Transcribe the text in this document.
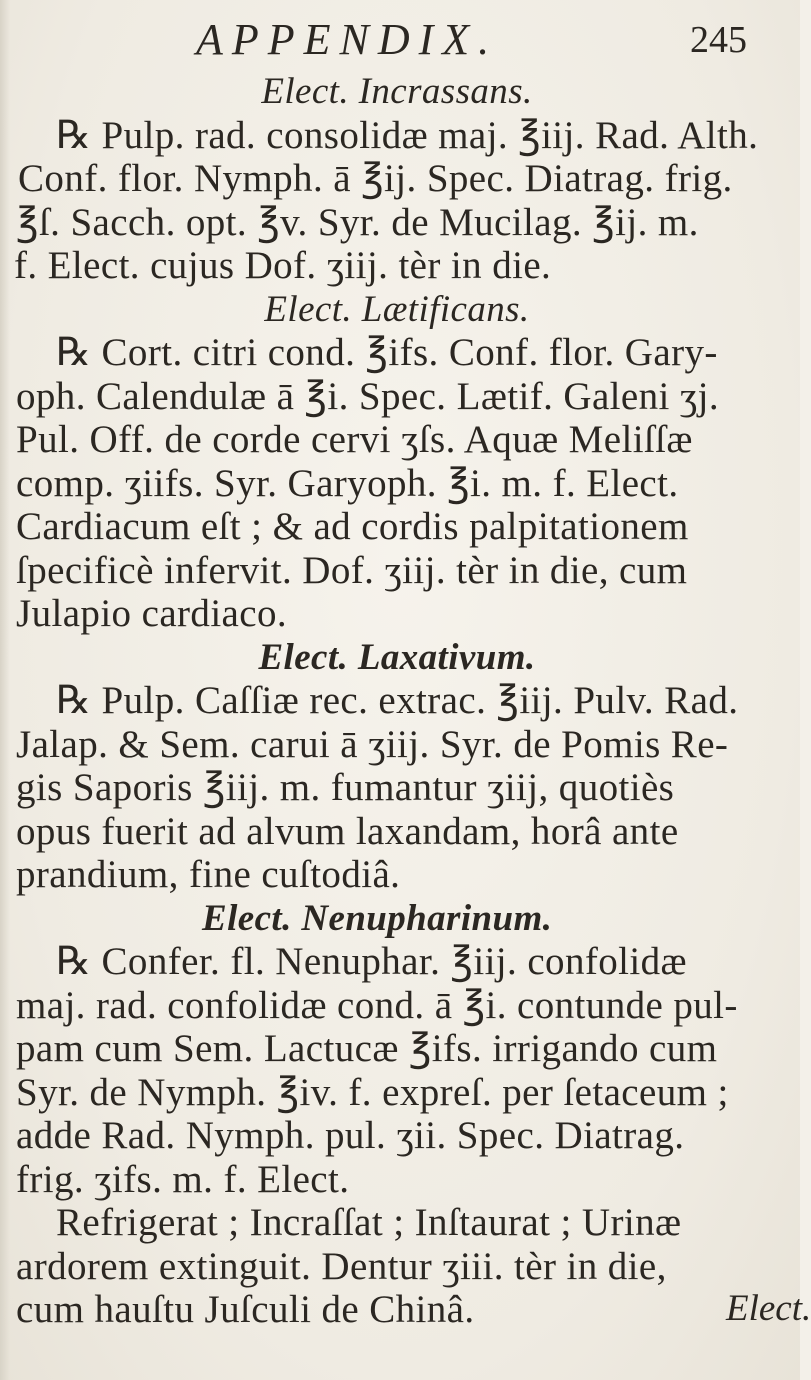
APPENDIX.	245
Elect. Incrassans.
℞ Pulp. rad. consolidæ maj. ℥iij. Rad. Alth.
Conf. flor. Nymph. ā ℥ij. Spec. Diatrag. frig.
℥ſ. Sacch. opt. ℥v. Syr. de Mucilag. ℥ij. m.
f. Elect. cujus Dof. ʒiij. tèr in die.
Elect. Lætificans.
℞ Cort. citri cond. ℥ifs. Conf. flor. Gary-
oph. Calendulæ ā ℥i. Spec. Lætif. Galeni ʒj.
Pul. Off. de corde cervi ʒſs. Aquæ Meliſſæ
comp. ʒiifs. Syr. Garyoph. ℥i. m. f. Elect.
Cardiacum eſt ; & ad cordis palpitationem
ſpecificè infervit. Dof. ʒiij. tèr in die, cum
Julapio cardiaco.
Elect. Laxativum.
℞ Pulp. Caſſiæ rec. extrac. ℥iij. Pulv. Rad.
Jalap. & Sem. carui ā ʒiij. Syr. de Pomis Re-
gis Saporis ℥iij. m. fumantur ʒiij, quotiès
opus fuerit ad alvum laxandam, horâ ante
prandium, fine cuſtodiâ.
Elect. Nenupharinum.
℞ Confer. fl. Nenuphar. ℥iij. confolidæ
maj. rad. confolidæ cond. ā ℥i. contunde pul-
pam cum Sem. Lactucæ ℥ifs. irrigando cum
Syr. de Nymph. ℥iv. f. expreſ. per ſetaceum ;
adde Rad. Nymph. pul. ʒii. Spec. Diatrag.
frig. ʒifs. m. f. Elect.
Refrigerat ; Incraſſat ; Inſtaurat ; Urinæ
ardorem extinguit. Dentur ʒiii. tèr in die,
cum hauſtu Juſculi de Chinâ.	Elect.
